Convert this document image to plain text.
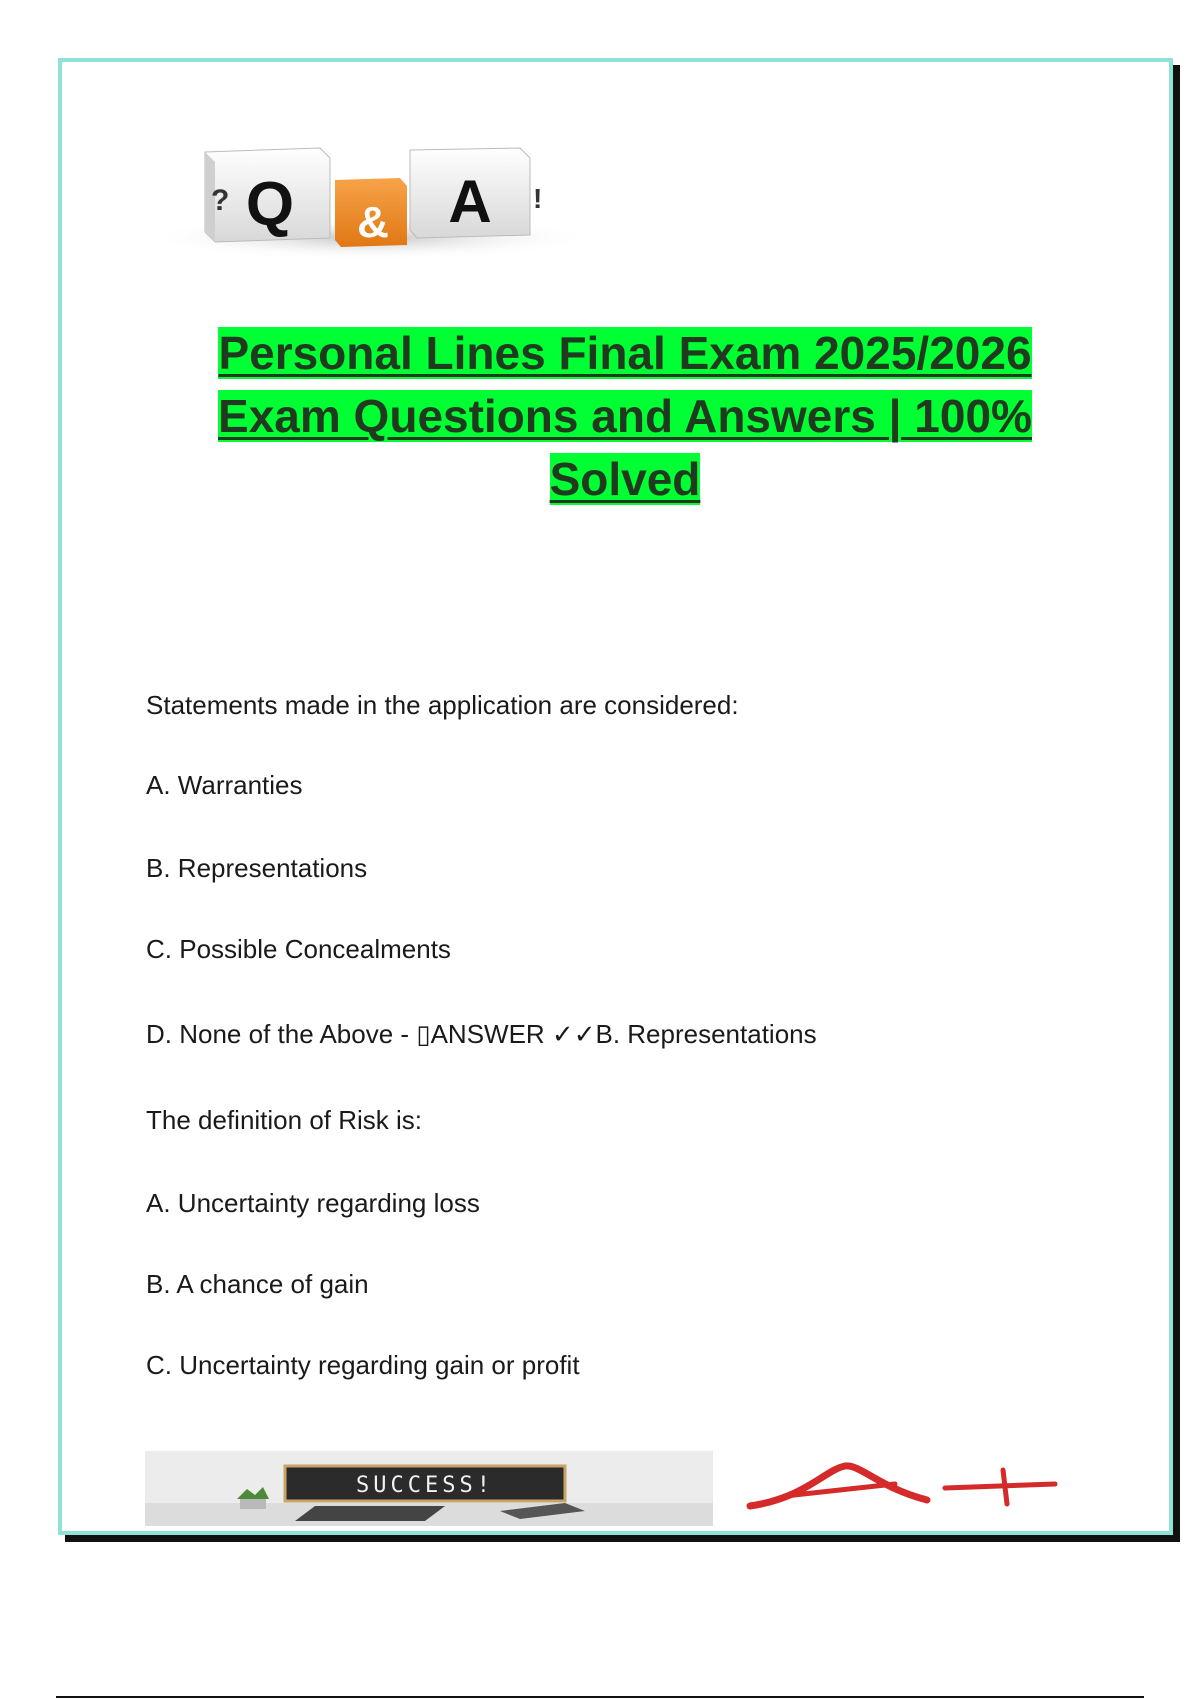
Q
?	& A !
Personal Lines Final Exam 2025/2026
Exam Questions and Answers | 100%
Solved
Statements made in the application are considered:
A. Warranties
B. Representations
C. Possible Concealments
D. None of the Above - ▯ANSWER ✓✓B. Representations
The definition of Risk is:
A. Uncertainty regarding loss
B. A chance of gain
C. Uncertainty regarding gain or profit
SUCCESS!
